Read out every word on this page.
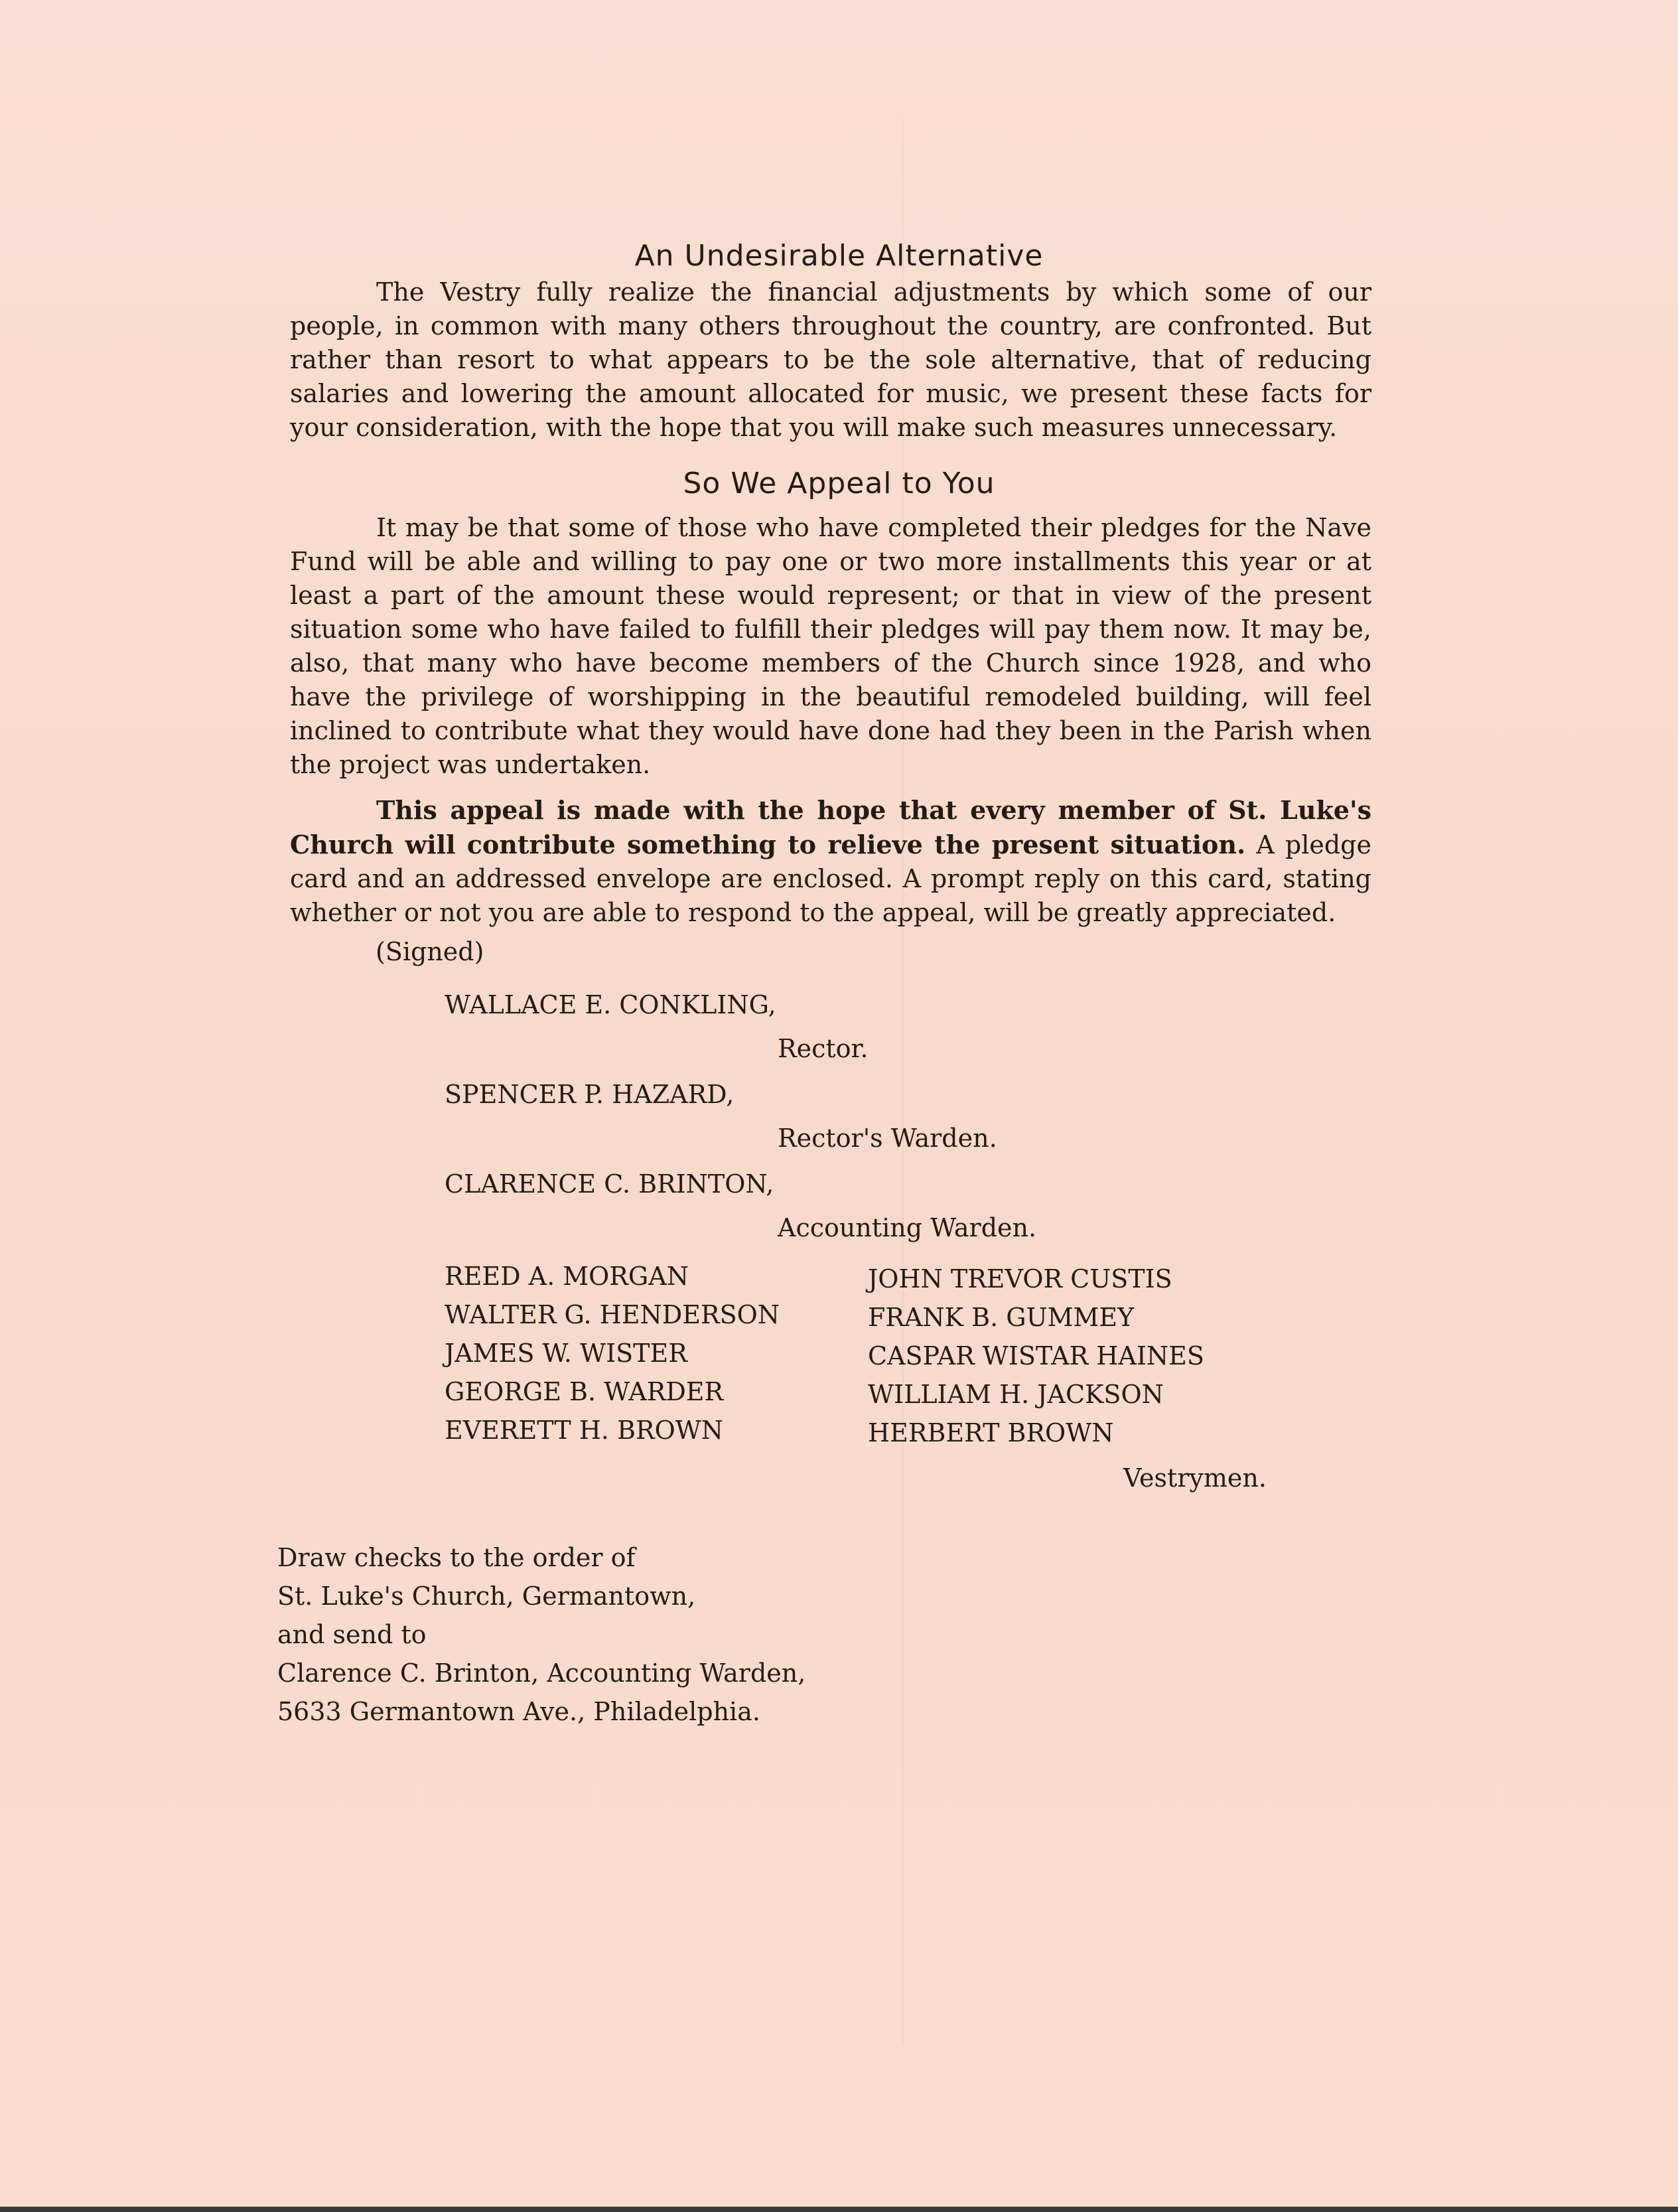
An Undesirable Alternative

The Vestry fully realize the financial adjustments by which some of our people, in common with many others throughout the country, are confronted. But rather than resort to what appears to be the sole alternative, that of reducing salaries and lowering the amount allocated for music, we present these facts for your consideration, with the hope that you will make such measures unnecessary.

So We Appeal to You

It may be that some of those who have completed their pledges for the Nave Fund will be able and willing to pay one or two more installments this year or at least a part of the amount these would represent; or that in view of the present situation some who have failed to fulfill their pledges will pay them now. It may be, also, that many who have become members of the Church since 1928, and who have the privilege of worshipping in the beautiful remodeled building, will feel inclined to contribute what they would have done had they been in the Parish when the project was undertaken.

This appeal is made with the hope that every member of St. Luke's Church will contribute something to relieve the present situation. A pledge card and an addressed envelope are enclosed. A prompt reply on this card, stating whether or not you are able to respond to the appeal, will be greatly appreciated.

(Signed)

WALLACE E. CONKLING,

Rector.

SPENCER P. HAZARD,

Rector's Warden.

CLARENCE C. BRINTON,

Accounting Warden.

REED A. MORGAN
WALTER G. HENDERSON
JAMES W. WISTER
GEORGE B. WARDER
EVERETT H. BROWN
JOHN TREVOR CUSTIS
FRANK B. GUMMEY
CASPAR WISTAR HAINES
WILLIAM H. JACKSON
HERBERT BROWN

Vestrymen.

Draw checks to the order of
St. Luke's Church, Germantown,
and send to
Clarence C. Brinton, Accounting Warden,
5633 Germantown Ave., Philadelphia.
